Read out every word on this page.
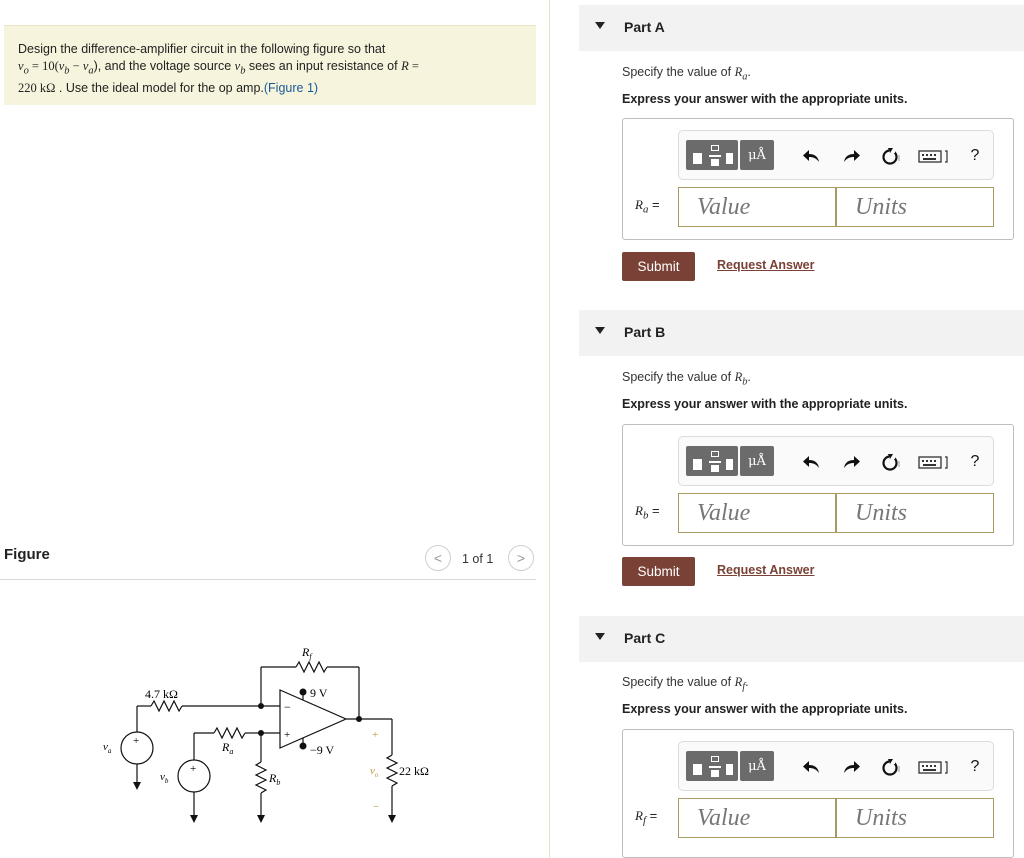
Design the difference-amplifier circuit in the following figure so that
$v_o = 10(v_b - v_a)$, and the voltage source $v_b$ sees an input resistance of R =
220 kΩ . Use the ideal model for the op amp.(Figure 1)
Figure	< 1 of 1 >
4.7 kΩ
$R_f$
$R_a$
$R_b$
9 V
−9 V
22 kΩ
$v_a$
$v_b$
$v_o$
+
+
−
+	+
−
Part A
Specify the value of $R_a$.
Express your answer with the appropriate units.
μÅ	?
$R_a$ =
Value
Units
Submit	Request Answer
Part B
Specify the value of $R_b$.
Express your answer with the appropriate units.
μÅ	?
$R_b$ =
Value
Units
Submit	Request Answer
Part C
Specify the value of $R_f$.
Express your answer with the appropriate units.
μÅ	?
$R_f$ =
Value
Units
